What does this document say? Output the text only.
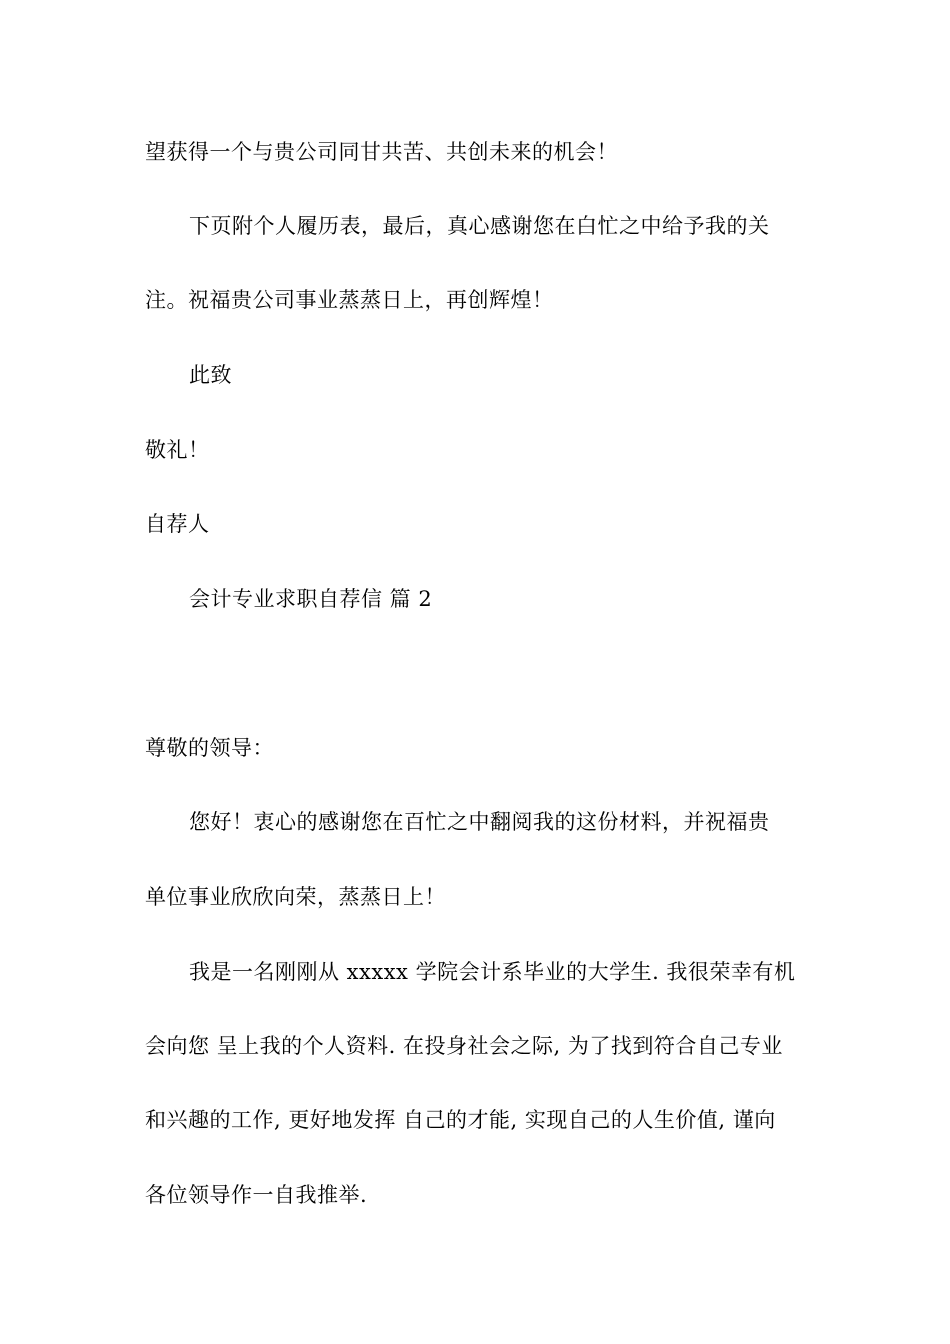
望获得一个与贵公司同甘共苦、共创未来的机会！
下页附个人履历表，最后，真心感谢您在白忙之中给予我的关
注。祝福贵公司事业蒸蒸日上，再创辉煌！
此致
敬礼！
自荐人
会计专业求职自荐信 篇 2
尊敬的领导：
您好！衷心的感谢您在百忙之中翻阅我的这份材料，并祝福贵
单位事业欣欣向荣，蒸蒸日上！
我是一名刚刚从 xxxxx 学院会计系毕业的大学生. 我很荣幸有机
会向您 呈上我的个人资料. 在投身社会之际, 为了找到符合自己专业
和兴趣的工作, 更好地发挥 自己的才能, 实现自己的人生价值, 谨向
各位领导作一自我推举.
